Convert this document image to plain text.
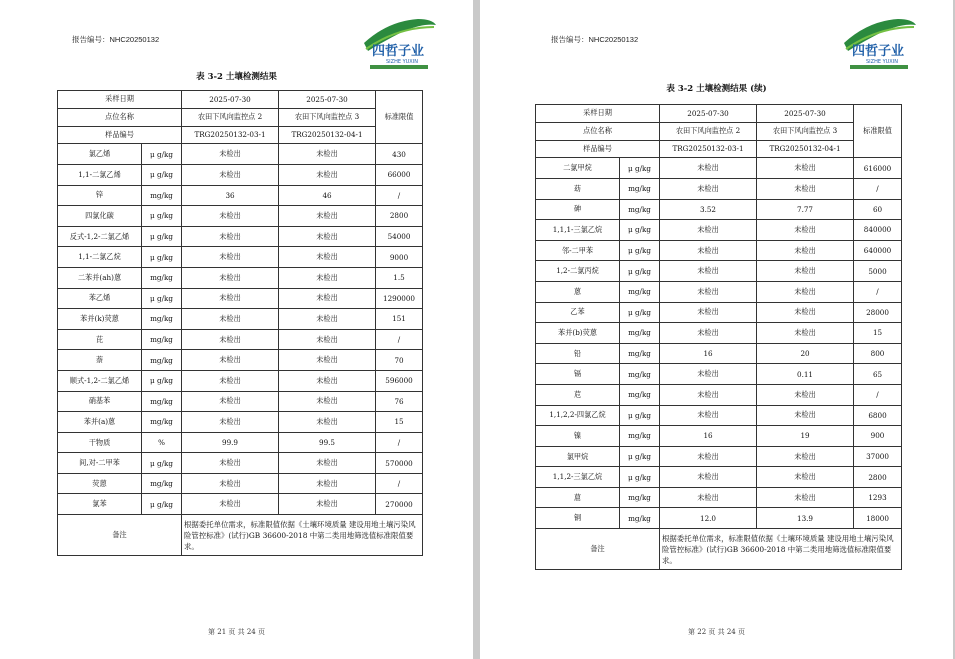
报告编号：NHC20250132
四哲子业
SIZHE YUXIN
表 3-2 土壤检测结果
采样日期		2025-07-30	2025-07-30	标准限值
点位名称		农田下风向监控点 2	农田下风向监控点 3	
样品编号		TRG20250132-03-1	TRG20250132-04-1	
氯乙烯	μ g/kg	未检出	未检出	430
1,1-二氯乙烯	μ g/kg	未检出	未检出	66000
锌	mg/kg	36	46	/
四氯化碳	μ g/kg	未检出	未检出	2800
反式-1,2-二氯乙烯	μ g/kg	未检出	未检出	54000
1,1-二氯乙烷	μ g/kg	未检出	未检出	9000
二苯并(ah)蒽	mg/kg	未检出	未检出	1.5
苯乙烯	μ g/kg	未检出	未检出	1290000
苯并(k)荧蒽	mg/kg	未检出	未检出	151
芘	mg/kg	未检出	未检出	/
萘	mg/kg	未检出	未检出	70
顺式-1,2-二氯乙烯	μ g/kg	未检出	未检出	596000
硝基苯	mg/kg	未检出	未检出	76
苯并(a)蒽	mg/kg	未检出	未检出	15
干物质	%	99.9	99.5	/
间,对-二甲苯	μ g/kg	未检出	未检出	570000
荧蒽	mg/kg	未检出	未检出	/
氯苯	μ g/kg	未检出	未检出	270000
备注		根据委托单位需求，标准限值依据《土壤环境质量 建设用地土壤污染风险管控标准》(试行)GB 36600-2018 中第二类用地筛选值标准限值要求。		
第 21 页 共 24 页
报告编号：NHC20250132
四哲子业
SIZHE YUXIN
表 3-2 土壤检测结果 (续)
采样日期		2025-07-30	2025-07-30	标准限值
点位名称		农田下风向监控点 2	农田下风向监控点 3	
样品编号		TRG20250132-03-1	TRG20250132-04-1	
二氯甲烷	μ g/kg	未检出	未检出	616000
苭	mg/kg	未检出	未检出	/
砷	mg/kg	3.52	7.77	60
1,1,1-三氯乙烷	μ g/kg	未检出	未检出	840000
邻-二甲苯	μ g/kg	未检出	未检出	640000
1,2-二氯丙烷	μ g/kg	未检出	未检出	5000
蒽	mg/kg	未检出	未检出	/
乙苯	μ g/kg	未检出	未检出	28000
苯并(b)荧蒽	mg/kg	未检出	未检出	15
铅	mg/kg	16	20	800
镉	mg/kg	未检出	0.11	65
苊	mg/kg	未检出	未检出	/
1,1,2,2-四氯乙烷	μ g/kg	未检出	未检出	6800
镍	mg/kg	16	19	900
氯甲烷	μ g/kg	未检出	未检出	37000
1,1,2-三氯乙烷	μ g/kg	未检出	未检出	2800
䓛	mg/kg	未检出	未检出	1293
铜	mg/kg	12.0	13.9	18000
备注		根据委托单位需求，标准限值依据《土壤环境质量 建设用地土壤污染风险管控标准》(试行)GB 36600-2018 中第二类用地筛选值标准限值要求。		
第 22 页 共 24 页
